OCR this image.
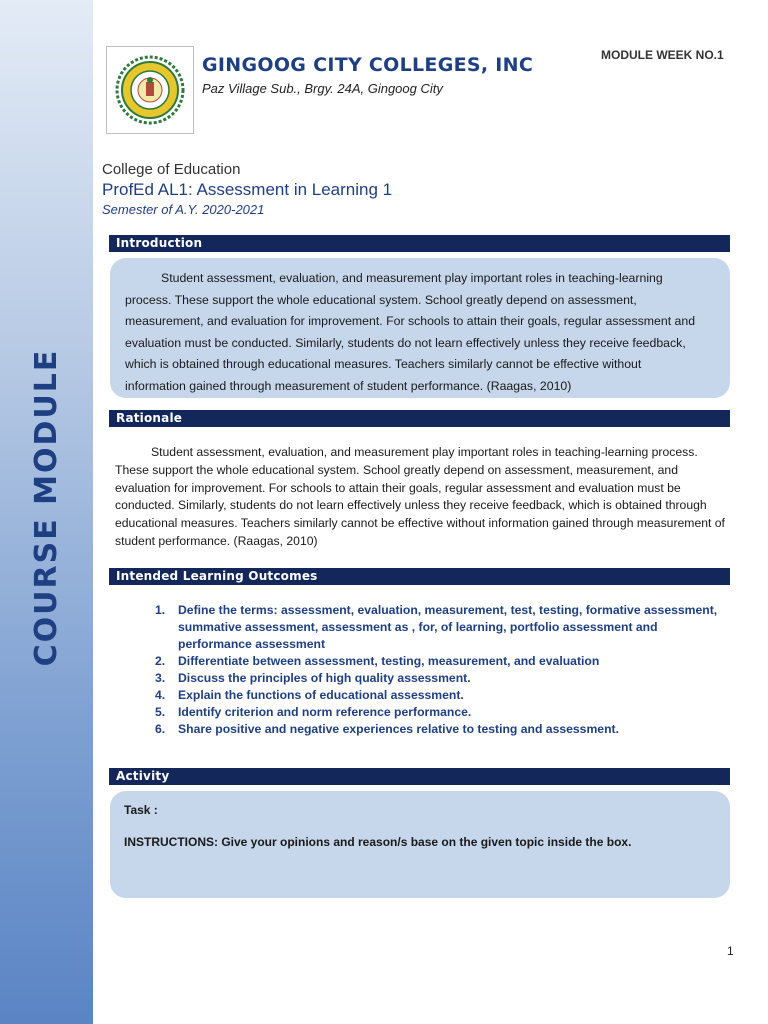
COURSE MODULE
GINGOOG CITY COLLEGES, INC
Paz Village Sub., Brgy. 24A, Gingoog City
MODULE WEEK NO.1
College of Education
ProfEd AL1: Assessment in Learning 1
Semester of A.Y. 2020-2021
Introduction
Student assessment, evaluation, and measurement play important roles in teaching-learning process. These support the whole educational system. School greatly depend on assessment, measurement, and evaluation for improvement. For schools to attain their goals, regular assessment and evaluation must be conducted. Similarly, students do not learn effectively unless they receive feedback, which is obtained through educational measures. Teachers similarly cannot be effective without information gained through measurement of student performance. (Raagas, 2010)
Rationale
Student assessment, evaluation, and measurement play important roles in teaching-learning process. These support the whole educational system. School greatly depend on assessment, measurement, and evaluation for improvement. For schools to attain their goals, regular assessment and evaluation must be conducted. Similarly, students do not learn effectively unless they receive feedback, which is obtained through educational measures. Teachers similarly cannot be effective without information gained through measurement of student performance. (Raagas, 2010)
Intended Learning Outcomes
1. Define the terms: assessment, evaluation, measurement, test, testing, formative assessment, summative assessment, assessment as , for, of learning, portfolio assessment and performance assessment
2. Differentiate between assessment, testing, measurement, and evaluation
3. Discuss the principles of high quality assessment.
4. Explain the functions of educational assessment.
5. Identify criterion and norm reference performance.
6. Share positive and negative experiences relative to testing and assessment.
Activity
Task :
INSTRUCTIONS: Give your opinions and reason/s base on the given topic inside the box.
1
